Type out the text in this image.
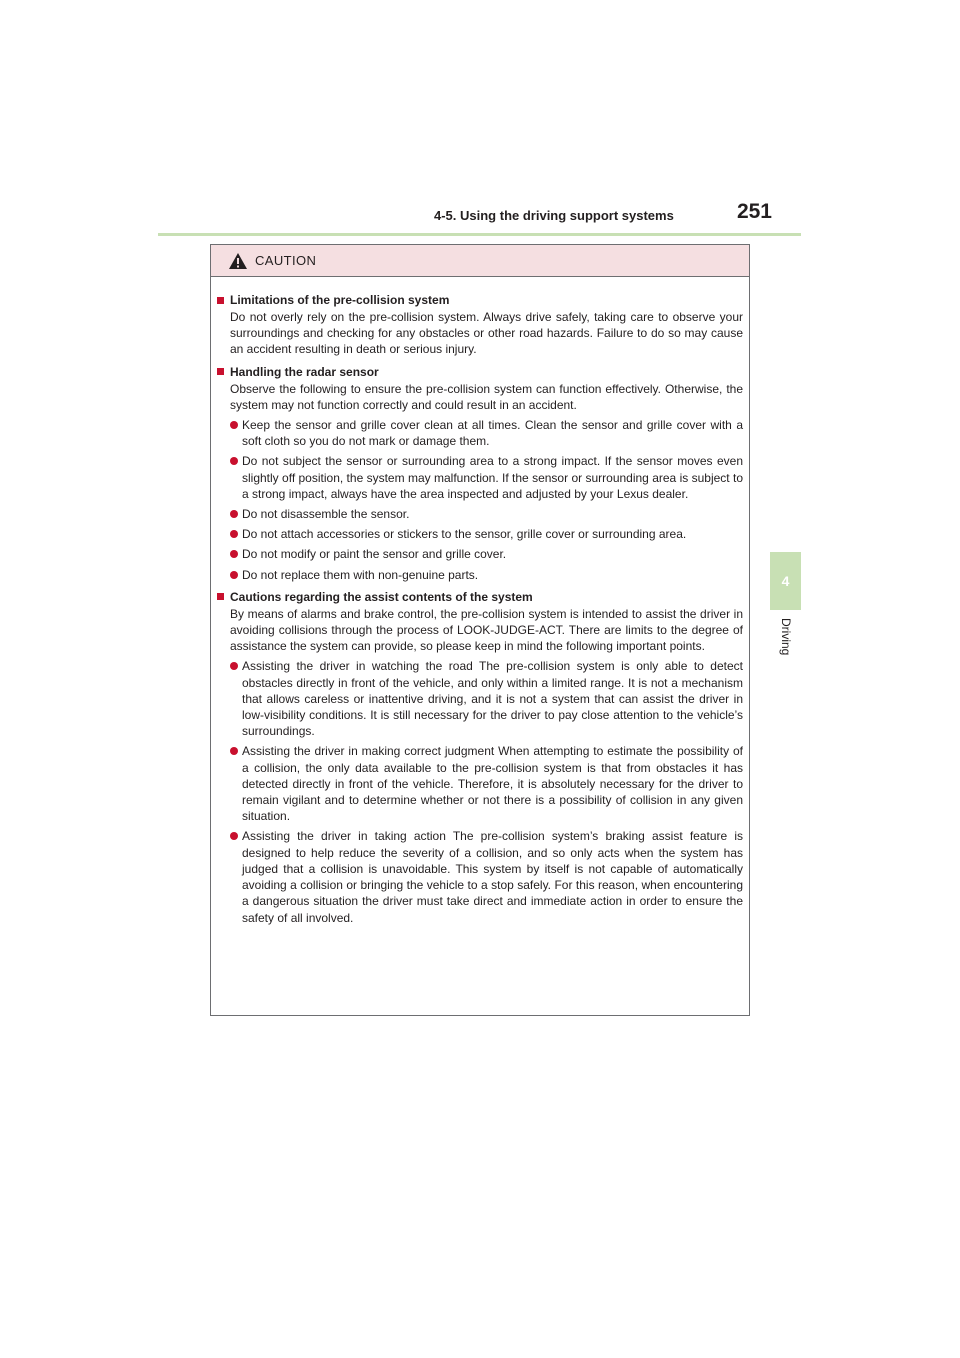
4-5. Using the driving support systems	251
4
Driving
CAUTION
Limitations of the pre-collision system
Do not overly rely on the pre-collision system. Always drive safely, taking care to observe your surroundings and checking for any obstacles or other road hazards. Failure to do so may cause an accident resulting in death or serious injury.
Handling the radar sensor
Observe the following to ensure the pre-collision system can function effectively. Otherwise, the system may not function correctly and could result in an accident.
Keep the sensor and grille cover clean at all times. Clean the sensor and grille cover with a soft cloth so you do not mark or damage them.
Do not subject the sensor or surrounding area to a strong impact. If the sensor moves even slightly off position, the system may malfunction. If the sensor or surrounding area is subject to a strong impact, always have the area inspected and adjusted by your Lexus dealer.
Do not disassemble the sensor.
Do not attach accessories or stickers to the sensor, grille cover or surrounding area.
Do not modify or paint the sensor and grille cover.
Do not replace them with non-genuine parts.
Cautions regarding the assist contents of the system
By means of alarms and brake control, the pre-collision system is intended to assist the driver in avoiding collisions through the process of LOOK-JUDGE-ACT. There are limits to the degree of assistance the system can provide, so please keep in mind the following important points.
Assisting the driver in watching the road The pre-collision system is only able to detect obstacles directly in front of the vehicle, and only within a limited range. It is not a mechanism that allows careless or inattentive driving, and it is not a system that can assist the driver in low-visibility conditions. It is still necessary for the driver to pay close attention to the vehicle’s surroundings.
Assisting the driver in making correct judgment When attempting to estimate the possibility of a collision, the only data available to the pre-collision system is that from obstacles it has detected directly in front of the vehicle. Therefore, it is absolutely necessary for the driver to remain vigilant and to determine whether or not there is a possibility of collision in any given situation.
Assisting the driver in taking action The pre-collision system’s braking assist feature is designed to help reduce the severity of a collision, and so only acts when the system has judged that a collision is unavoidable. This system by itself is not capable of automatically avoiding a collision or bringing the vehicle to a stop safely. For this reason, when encountering a dangerous situation the driver must take direct and immediate action in order to ensure the safety of all involved.
